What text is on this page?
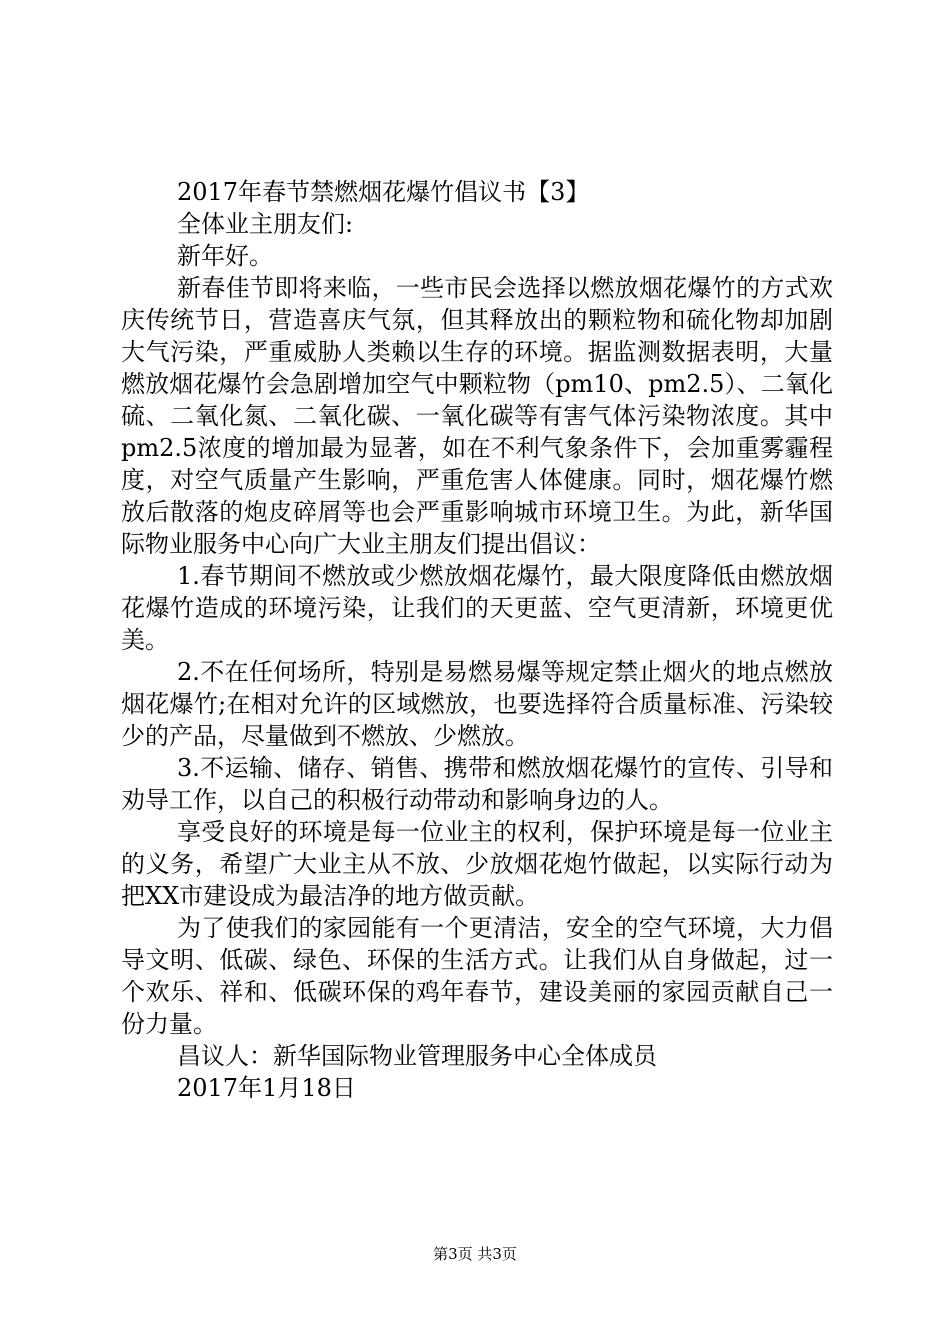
2017年春节禁燃烟花爆竹倡议书【3】
全体业主朋友们:
新年好。

新春佳节即将来临，一些市民会选择以燃放烟花爆竹的方式欢庆传统节日，营造喜庆气氛，但其释放出的颗粒物和硫化物却加剧大气污染，严重威胁人类赖以生存的环境。据监测数据表明，大量燃放烟花爆竹会急剧增加空气中颗粒物（pm10、pm2.5）、二氧化硫、二氧化氮、二氧化碳、一氧化碳等有害气体污染物浓度。其中pm2.5浓度的增加最为显著，如在不利气象条件下，会加重雾霾程度，对空气质量产生影响，严重危害人体健康。同时，烟花爆竹燃放后散落的炮皮碎屑等也会严重影响城市环境卫生。为此，新华国际物业服务中心向广大业主朋友们提出倡议：

1.春节期间不燃放或少燃放烟花爆竹，最大限度降低由燃放烟花爆竹造成的环境污染，让我们的天更蓝、空气更清新，环境更优美。

2.不在任何场所，特别是易燃易爆等规定禁止烟火的地点燃放烟花爆竹;在相对允许的区域燃放，也要选择符合质量标准、污染较少的产品，尽量做到不燃放、少燃放。

3.不运输、储存、销售、携带和燃放烟花爆竹的宣传、引导和劝导工作，以自己的积极行动带动和影响身边的人。

享受良好的环境是每一位业主的权利，保护环境是每一位业主的义务，希望广大业主从不放、少放烟花炮竹做起，以实际行动为把XX市建设成为最洁净的地方做贡献。

为了使我们的家园能有一个更清洁，安全的空气环境，大力倡导文明、低碳、绿色、环保的生活方式。让我们从自身做起，过一个欢乐、祥和、低碳环保的鸡年春节，建设美丽的家园贡献自己一份力量。

昌议人：新华国际物业管理服务中心全体成员
2017年1月18日
第3页 共3页
